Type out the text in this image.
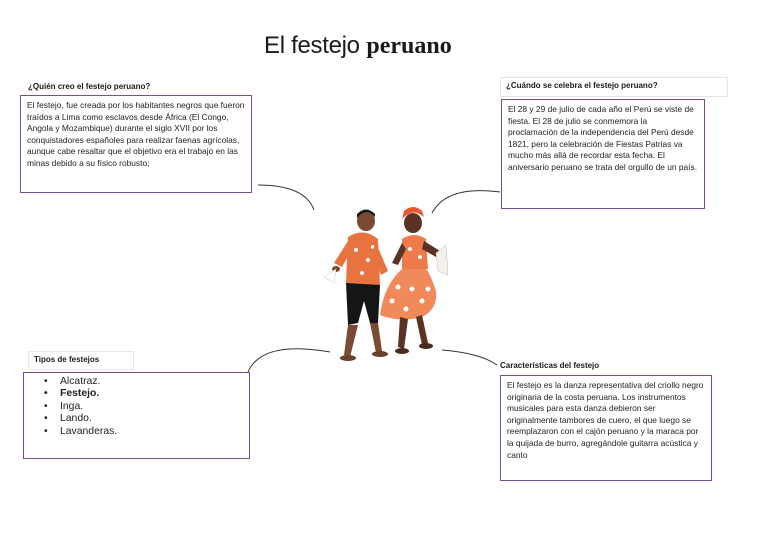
El festejo peruano
¿Quién creo el festejo peruano?

El festejo, fue creada por los habitantes negros que fueron traídos a Lima como esclavos desde África (El Congo, Angola y Mozambique) durante el siglo XVII por los conquistadores españoles para realizar faenas agrícolas, aunque cabe resaltar que el objetivo era el trabajo en las minas debido a su físico robusto;

¿Cuándo se celebra el festejo peruano?

El 28 y 29 de julio de cada año el Perú se viste de fiesta. El 28 de julio se conmemora la proclamación de la independencia del Perú desde 1821, pero la celebración de Fiestas Patrias va mucho más allá de recordar esta fecha. El aniversario peruano se trata del orgullo de un país.

Tipos de festejos
• Alcatraz.
• Festejo.
• Inga.
• Lando.
• Lavanderas.
Características del festejo

El festejo es la danza representativa del criollo negro originaria de la costa peruana. Los instrumentos musicales para esta danza debieron ser originalmente tambores de cuero, el que luego se reemplazaron con el cajón peruano y la maraca por la quijada de burro, agregándole guitarra acústica y canto
